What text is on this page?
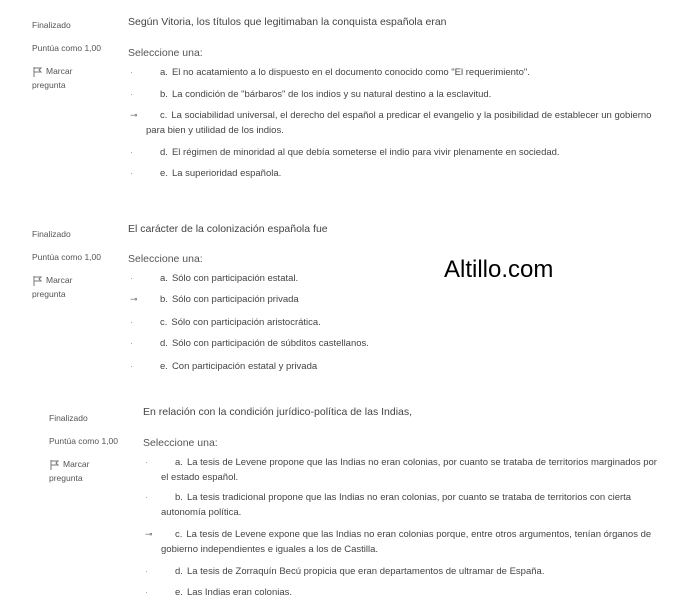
Finalizado
Puntúa como 1,00
Marcar
pregunta
Según Vitoria, los títulos que legitimaban la conquista española eran
Seleccione una:
·	a. El no acatamiento a lo dispuesto en el documento conocido como "El requerimiento".
·	b. La condición de "bárbaros" de los indios y su natural destino a la esclavitud.
⊸	c. La sociabilidad universal, el derecho del español a predicar el evangelio y la posibilidad de establecer un gobierno para bien y utilidad de los indios.
·	d. El régimen de minoridad al que debía someterse el indio para vivir plenamente en sociedad.
·	e. La superioridad española.
Finalizado
Puntúa como 1,00
Marcar
pregunta
El carácter de la colonización española fue
Seleccione una:
·	a. Sólo con participación estatal.
⊸	b. Sólo con participación privada
·	c. Sólo con participación aristocrática.
·	d. Sólo con participación de súbditos castellanos.
·	e. Con participación estatal y privada
Finalizado
Puntúa como 1,00
Marcar
pregunta
En relación con la condición jurídico-política de las Indias,
Seleccione una:
·	a. La tesis de Levene propone que las Indias no eran colonias, por cuanto se trataba de territorios marginados por el estado español.
·	b. La tesis tradicional propone que las Indias no eran colonias, por cuanto se trataba de territorios con cierta autonomía política.
⊸	c. La tesis de Levene expone que las Indias no eran colonias porque, entre otros argumentos, tenían órganos de gobierno independientes e iguales a los de Castilla.
·	d. La tesis de Zorraquín Becú propicia que eran departamentos de ultramar de España.
·	e. Las Indias eran colonias.
Altillo.com
